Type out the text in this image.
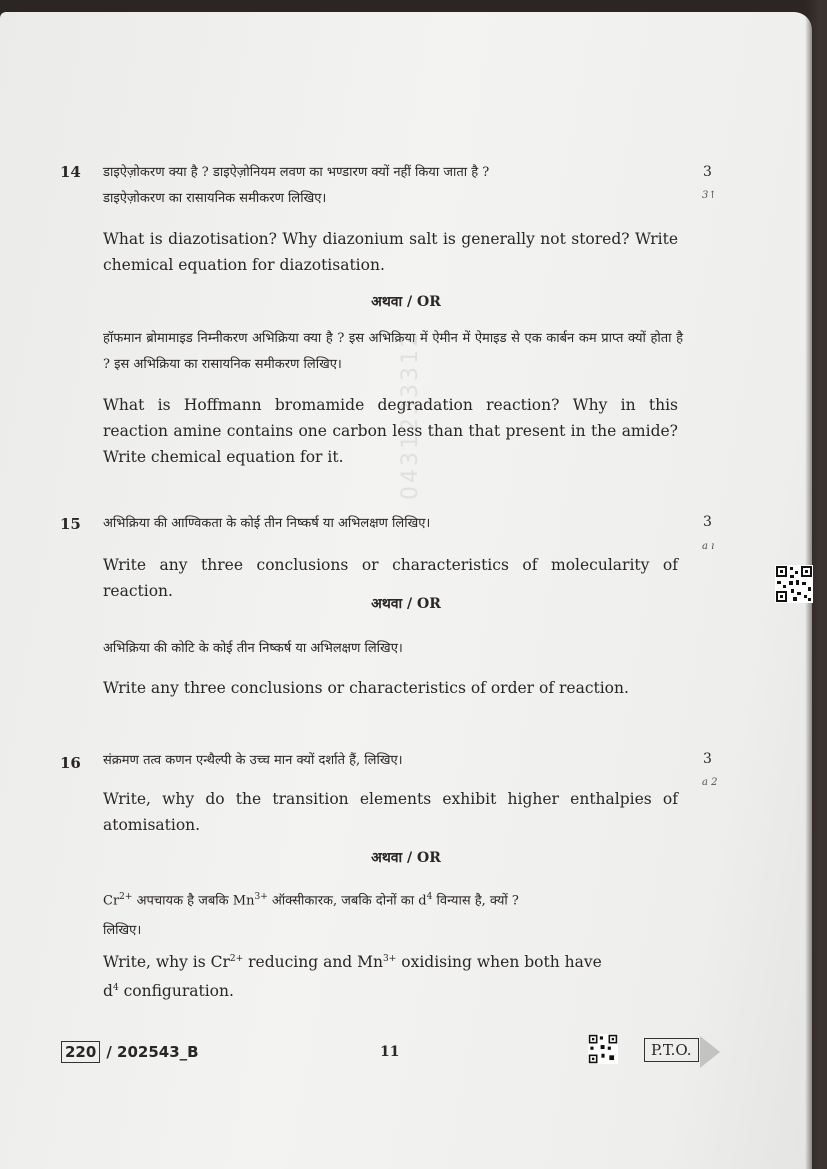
0431233312
14 डाइऐज़ोकरण क्या है ? डाइऐज़ोनियम लवण का भण्डारण क्यों नहीं किया जाता है ?
डाइऐज़ोकरण का रासायनिक समीकरण लिखिए।
3
3↑
What is diazotisation? Why diazonium salt is generally not stored? Write chemical equation for diazotisation.
अथवा / OR
हॉफमान ब्रोमामाइड निम्नीकरण अभिक्रिया क्या है ? इस अभिक्रिया में ऐमीन में ऐमाइड से एक कार्बन कम प्राप्त क्यों होता है ? इस अभिक्रिया का रासायनिक समीकरण लिखिए।
What is Hoffmann bromamide degradation reaction? Why in this reaction amine contains one carbon less than that present in the amide? Write chemical equation for it.
15 अभिक्रिया की आण्विकता के कोई तीन निष्कर्ष या अभिलक्षण लिखिए।	3
a ı
Write any three conclusions or characteristics of molecularity of reaction.
अथवा / OR
अभिक्रिया की कोटि के कोई तीन निष्कर्ष या अभिलक्षण लिखिए।
Write any three conclusions or characteristics of order of reaction.
16 संक्रमण तत्व कणन एन्थैल्पी के उच्च मान क्यों दर्शाते हैं, लिखिए।	3
a 2
Write, why do the transition elements exhibit higher enthalpies of atomisation.
अथवा / OR
$Cr^{2+}$ अपचायक है जबकि $Mn^{3+}$ ऑक्सीकारक, जबकि दोनों का $d^4$ विन्यास है, क्यों ?
लिखिए।
Write, why is $Cr^{2+}$ reducing and $Mn^{3+}$ oxidising when both have
$d^4$ configuration.
220 / 202543_B	11	P.T.O.
